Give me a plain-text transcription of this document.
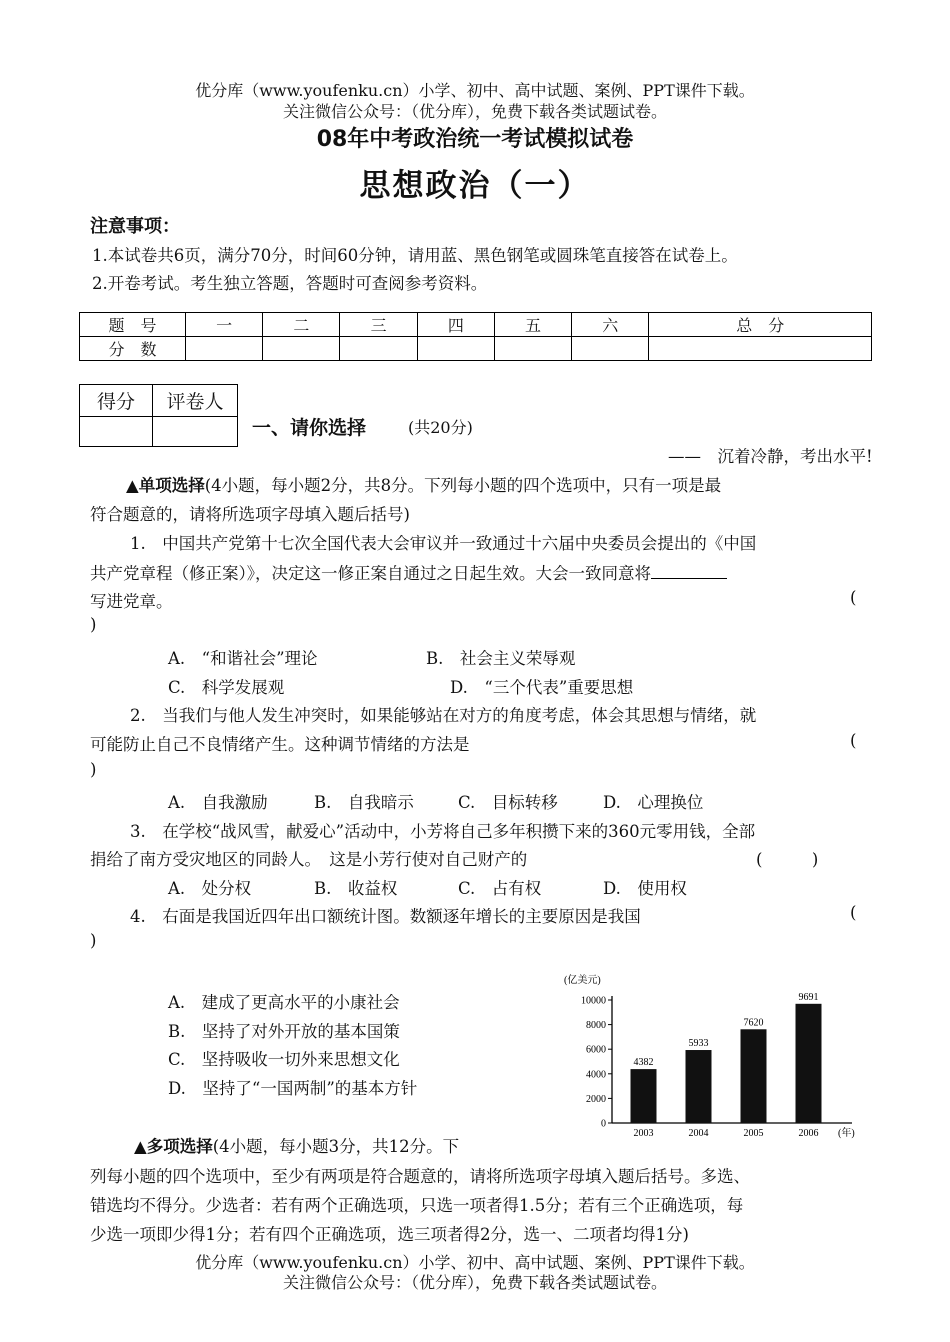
优分库（www.youfenku.cn）小学、初中、高中试题、案例、PPT课件下载。
关注微信公众号：（优分库），免费下载各类试题试卷。
08年中考政治统一考试模拟试卷
思想政治（一）
注意事项：
1.本试卷共6页，满分70分，时间60分钟，请用蓝、黑色钢笔或圆珠笔直接答在试卷上。
2.开卷考试。考生独立答题，答题时可查阅参考资料。
题　号	一	二	三	四	五	六	总　分
分　数							
得分	评卷人

一、请你选择	(共20分)
——　沉着冷静，考出水平!
▲单项选择(4小题，每小题2分，共8分。下列每小题的四个选项中，只有一项是最
符合题意的，请将所选项字母填入题后括号)
1.　中国共产党第十七次全国代表大会审议并一致通过十六届中央委员会提出的《中国
共产党章程（修正案）》，决定这一修正案自通过之日起生效。大会一致同意将
写进党章。	(
)
A.　“和谐社会”理论	B.　社会主义荣辱观
C.　科学发展观	D.　“三个代表”重要思想
2.　当我们与他人发生冲突时，如果能够站在对方的角度考虑，体会其思想与情绪，就
可能防止自己不良情绪产生。这种调节情绪的方法是	(
)
A.　自我激励	B.　自我暗示	C.　目标转移	D.　心理换位
3.　在学校“战风雪，献爱心”活动中，小芳将自己多年积攒下来的360元零用钱，全部
捐给了南方受灾地区的同龄人。　这是小芳行使对自己财产的	(　　　)
A.　处分权	B.　收益权	C.　占有权	D.　使用权
4.　右面是我国近四年出口额统计图。数额逐年增长的主要原因是我国	(
)
A.　建成了更高水平的小康社会
B.　坚持了对外开放的基本国策
C.　坚持吸收一切外来思想文化
D.　坚持了“一国两制”的基本方针
0
2000
4000
6000
8000
10000
(亿美元)
4382
2003
5933
2004
7620
2005
9691
2006 (年)
▲多项选择(4小题，每小题3分，共12分。下
列每小题的四个选项中，至少有两项是符合题意的，请将所选项字母填入题后括号。多选、
错选均不得分。少选者：若有两个正确选项，只选一项者得1.5分；若有三个正确选项，每
少选一项即少得1分；若有四个正确选项，选三项者得2分，选一、二项者均得1分)
优分库（www.youfenku.cn）小学、初中、高中试题、案例、PPT课件下载。
关注微信公众号：（优分库），免费下载各类试题试卷。
